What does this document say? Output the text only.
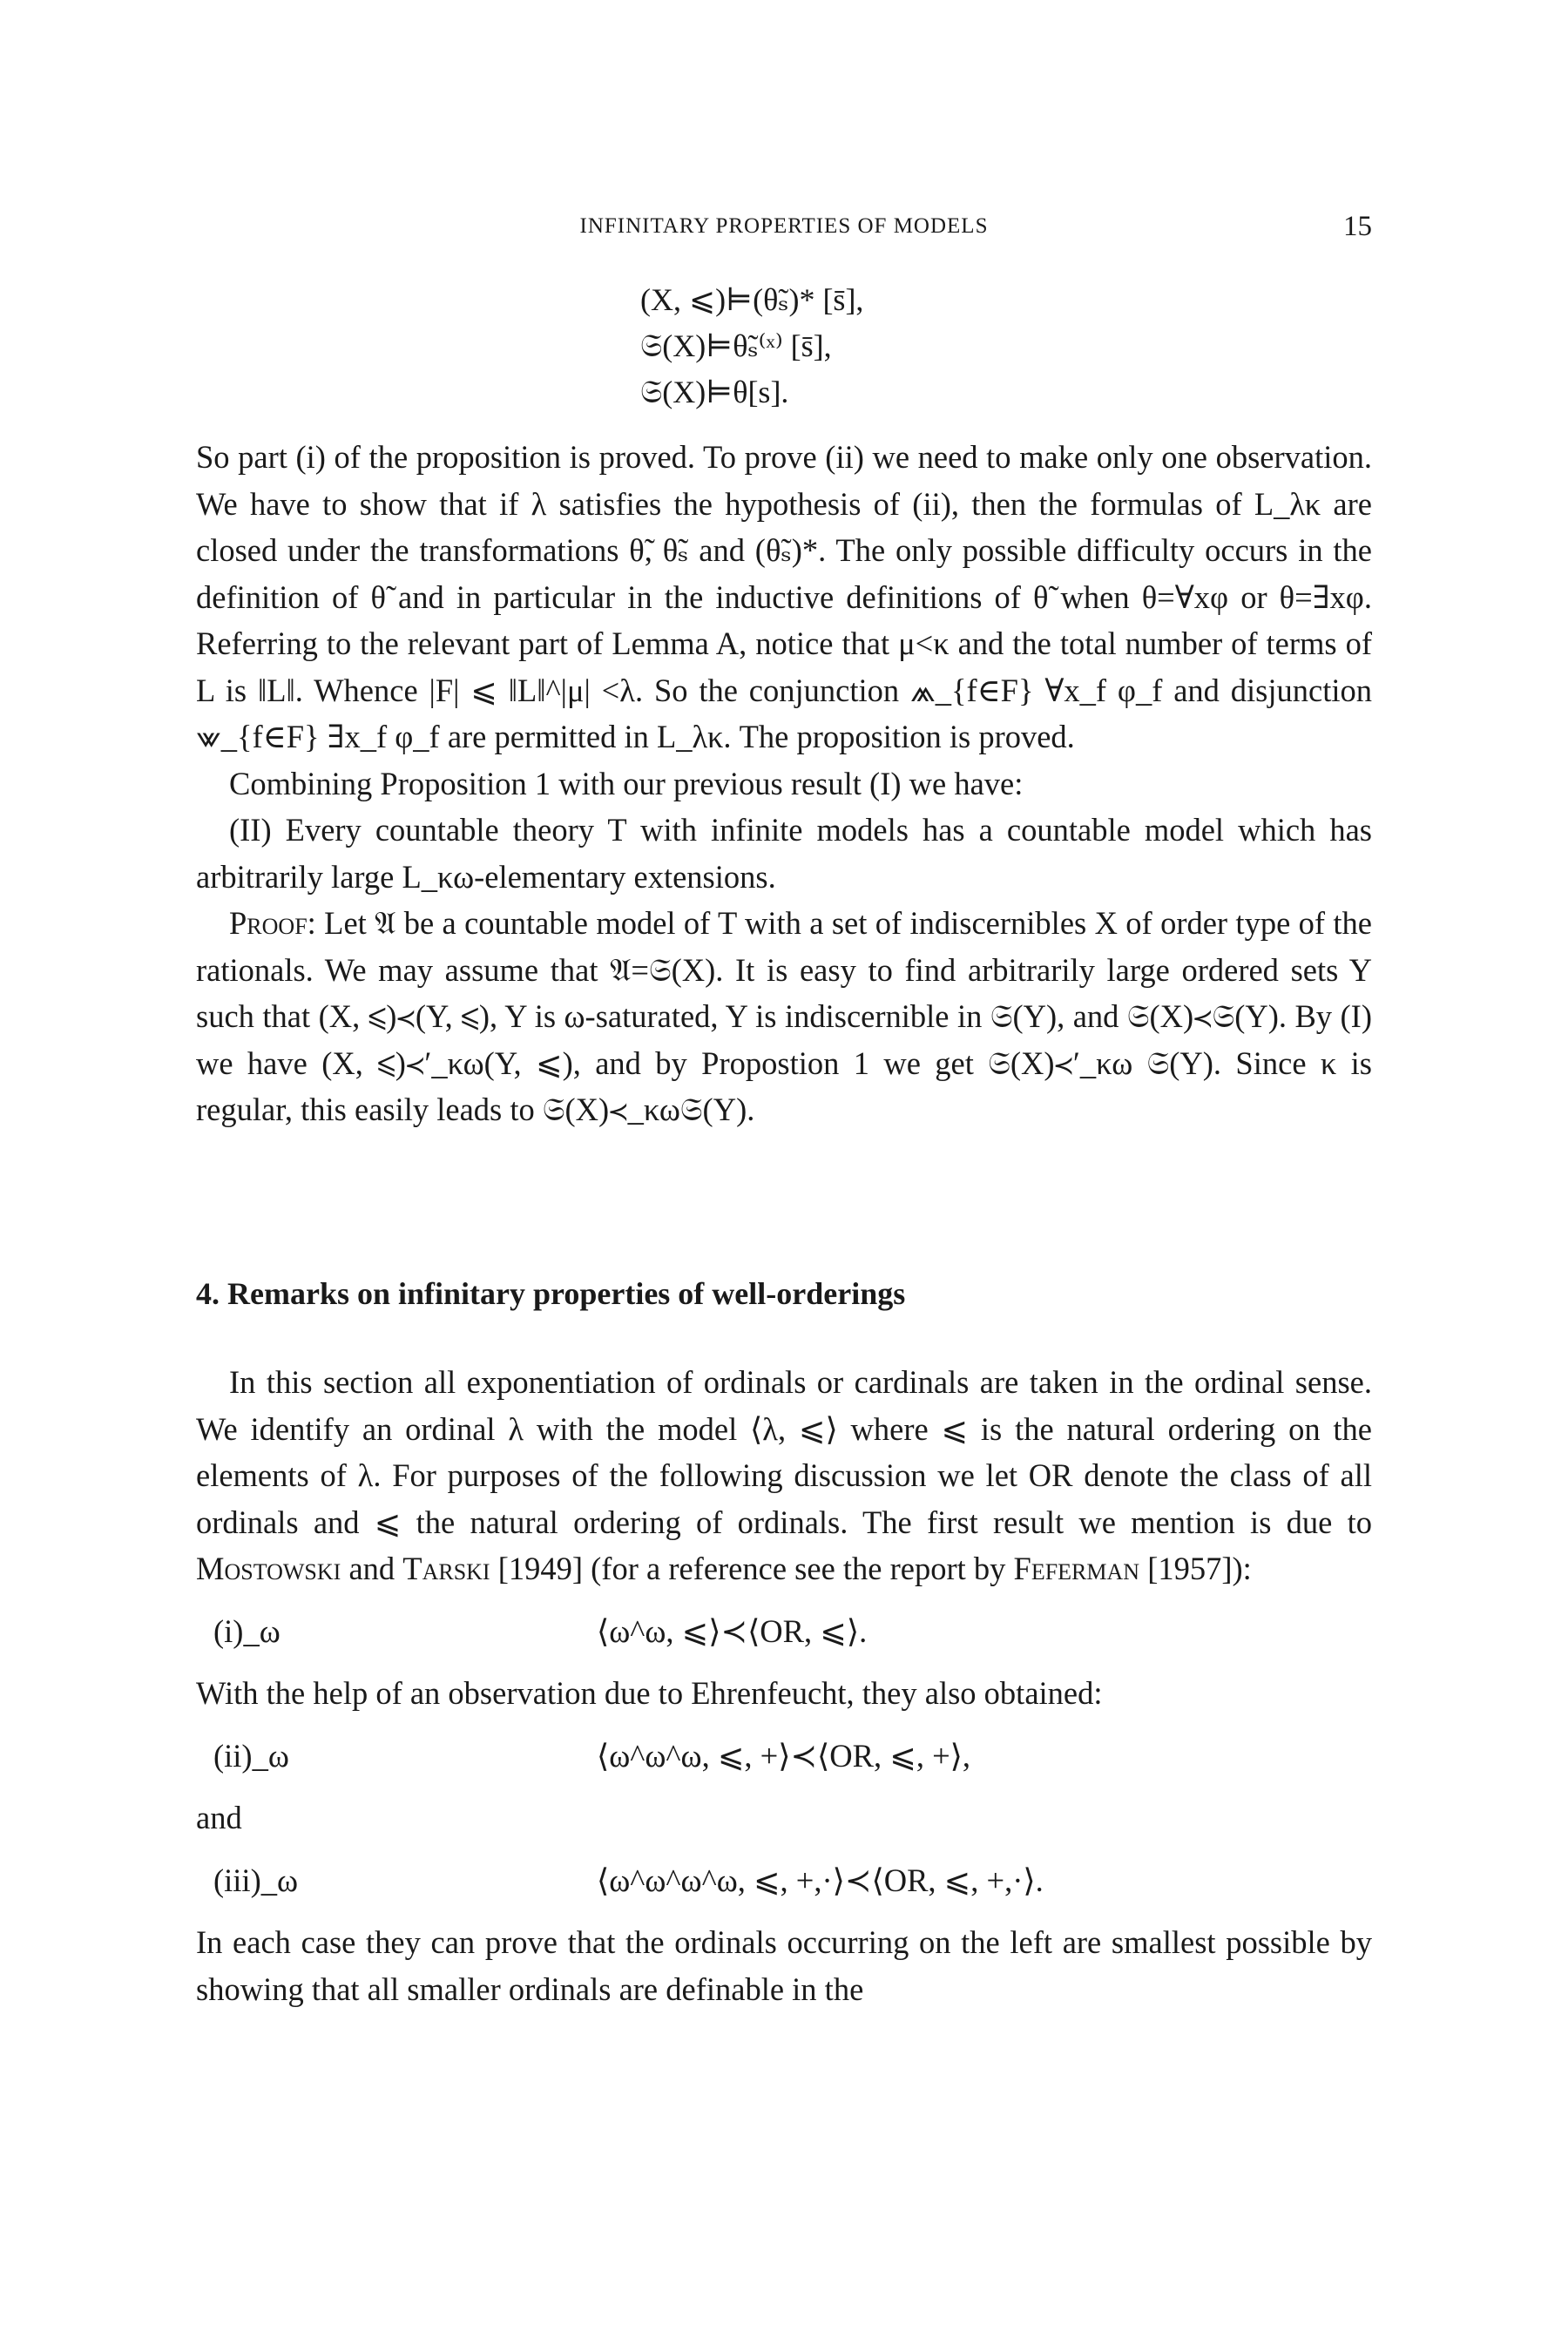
INFINITARY PROPERTIES OF MODELS	15
(X, ⩽)⊨(θ̃ₛ)* [s̄],
𝔖(X)⊨θ̃ₛ⁽ˣ⁾ [s̄],
𝔖(X)⊨θ[s].

So part (i) of the proposition is proved. To prove (ii) we need to make only one observation. We have to show that if λ satisfies the hypothesis of (ii), then the formulas of L_λκ are closed under the transformations θ̃, θ̃ₛ and (θ̃ₛ)*. The only possible difficulty occurs in the definition of θ̃ and in particular in the inductive definitions of θ̃ when θ=∀xφ or θ=∃xφ. Referring to the relevant part of Lemma A, notice that μ<κ and the total number of terms of L is ‖L‖. Whence |F| ⩽ ‖L‖^|μ| <λ. So the conjunction ⩕_{f∈F} ∀x_f φ_f and disjunction ⩖_{f∈F} ∃x_f φ_f are permitted in L_λκ. The proposition is proved.

Combining Proposition 1 with our previous result (I) we have:

(II) Every countable theory T with infinite models has a countable model which has arbitrarily large L_κω-elementary extensions.

Proof: Let 𝔄 be a countable model of T with a set of indiscernibles X of order type of the rationals. We may assume that 𝔄=𝔖(X). It is easy to find arbitrarily large ordered sets Y such that (X, ⩽)≺(Y, ⩽), Y is ω-saturated, Y is indiscernible in 𝔖(Y), and 𝔖(X)≺𝔖(Y). By (I) we have (X, ⩽)≺′_κω(Y, ⩽), and by Propostion 1 we get 𝔖(X)≺′_κω 𝔖(Y). Since κ is regular, this easily leads to 𝔖(X)≺_κω𝔖(Y).

4. Remarks on infinitary properties of well-orderings

In this section all exponentiation of ordinals or cardinals are taken in the ordinal sense. We identify an ordinal λ with the model ⟨λ, ⩽⟩ where ⩽ is the natural ordering on the elements of λ. For purposes of the following discussion we let OR denote the class of all ordinals and ⩽ the natural ordering of ordinals. The first result we mention is due to Mostowski and Tarski [1949] (for a reference see the report by Feferman [1957]):

(i)_ω	⟨ω^ω, ⩽⟩≺⟨OR, ⩽⟩.

With the help of an observation due to Ehrenfeucht, they also obtained:

(ii)_ω	⟨ω^ω^ω, ⩽, +⟩≺⟨OR, ⩽, +⟩,

and

(iii)_ω	⟨ω^ω^ω^ω, ⩽, +,·⟩≺⟨OR, ⩽, +,·⟩.

In each case they can prove that the ordinals occurring on the left are smallest possible by showing that all smaller ordinals are definable in the
